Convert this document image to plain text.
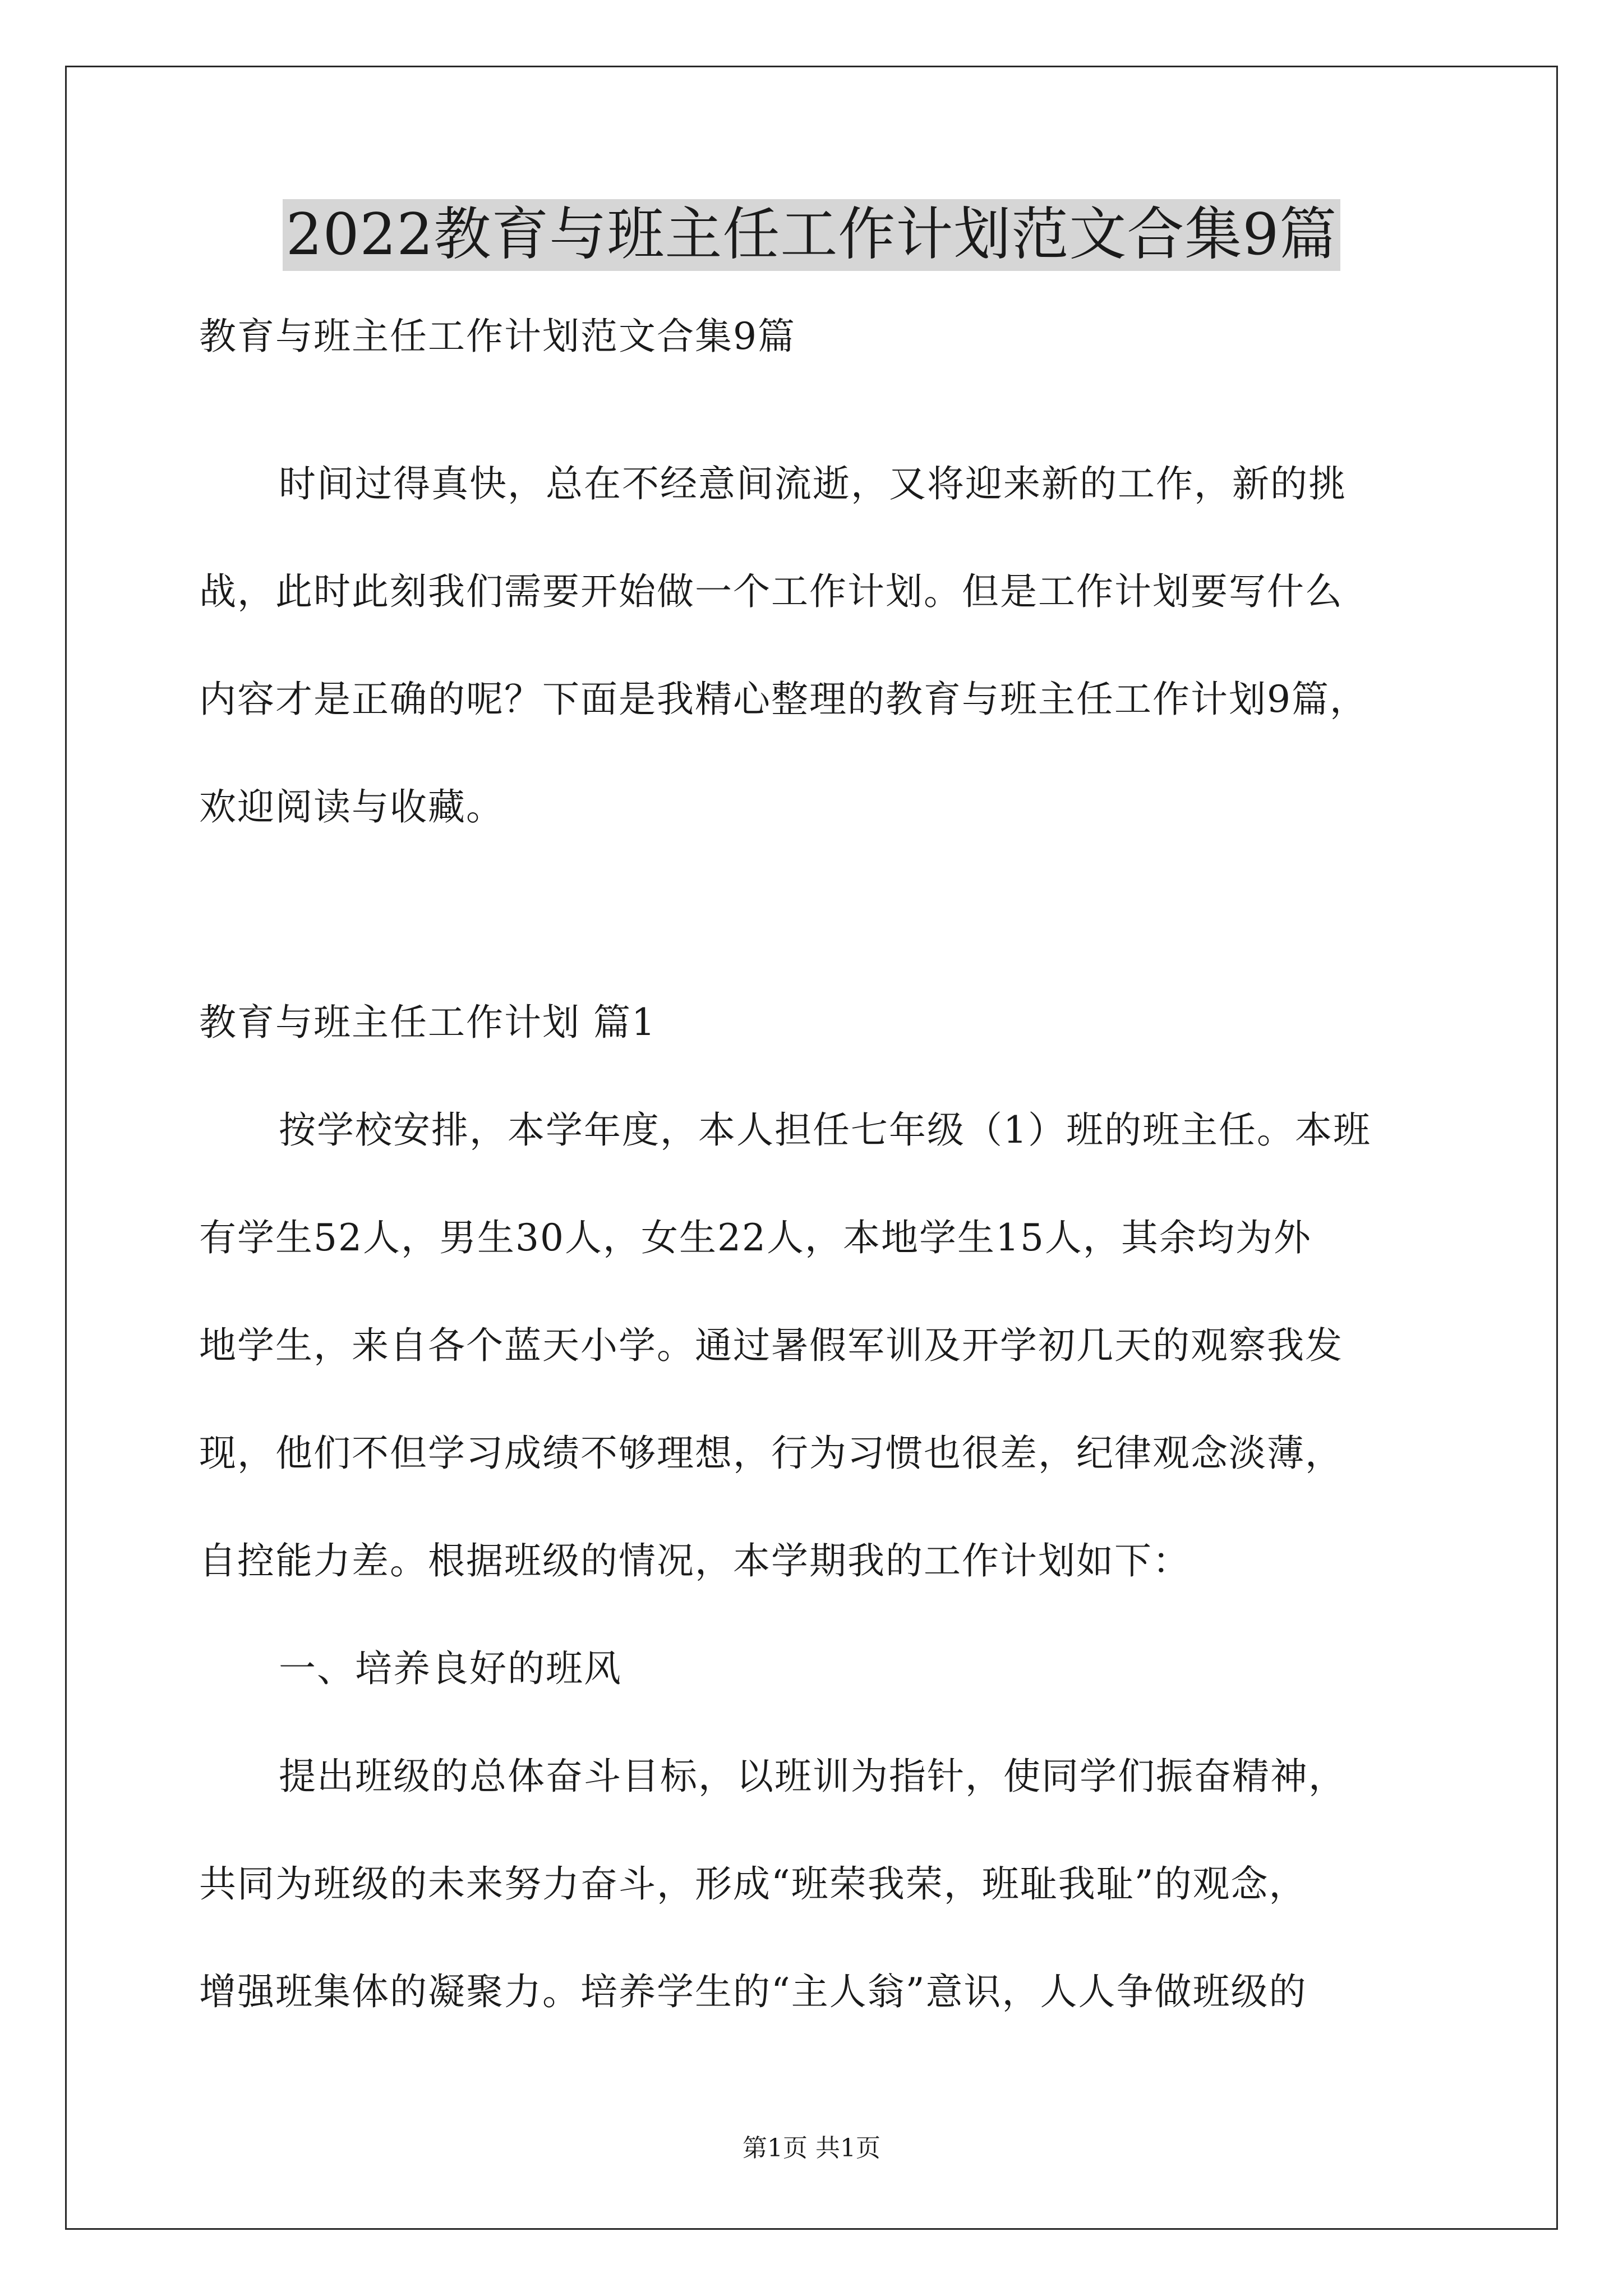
2022教育与班主任工作计划范文合集9篇
教育与班主任工作计划范文合集9篇
时间过得真快，总在不经意间流逝，又将迎来新的工作，新的挑
战，此时此刻我们需要开始做一个工作计划。但是工作计划要写什么
内容才是正确的呢？下面是我精心整理的教育与班主任工作计划9篇，
欢迎阅读与收藏。
教育与班主任工作计划 篇1
按学校安排，本学年度，本人担任七年级（1）班的班主任。本班
有学生52人，男生30人，女生22人，本地学生15人，其余均为外
地学生，来自各个蓝天小学。通过暑假军训及开学初几天的观察我发
现，他们不但学习成绩不够理想，行为习惯也很差，纪律观念淡薄，
自控能力差。根据班级的情况，本学期我的工作计划如下：
一、培养良好的班风
提出班级的总体奋斗目标，以班训为指针，使同学们振奋精神，
共同为班级的未来努力奋斗，形成“班荣我荣，班耻我耻”的观念，
增强班集体的凝聚力。培养学生的“主人翁”意识，人人争做班级的
第1页 共1页
